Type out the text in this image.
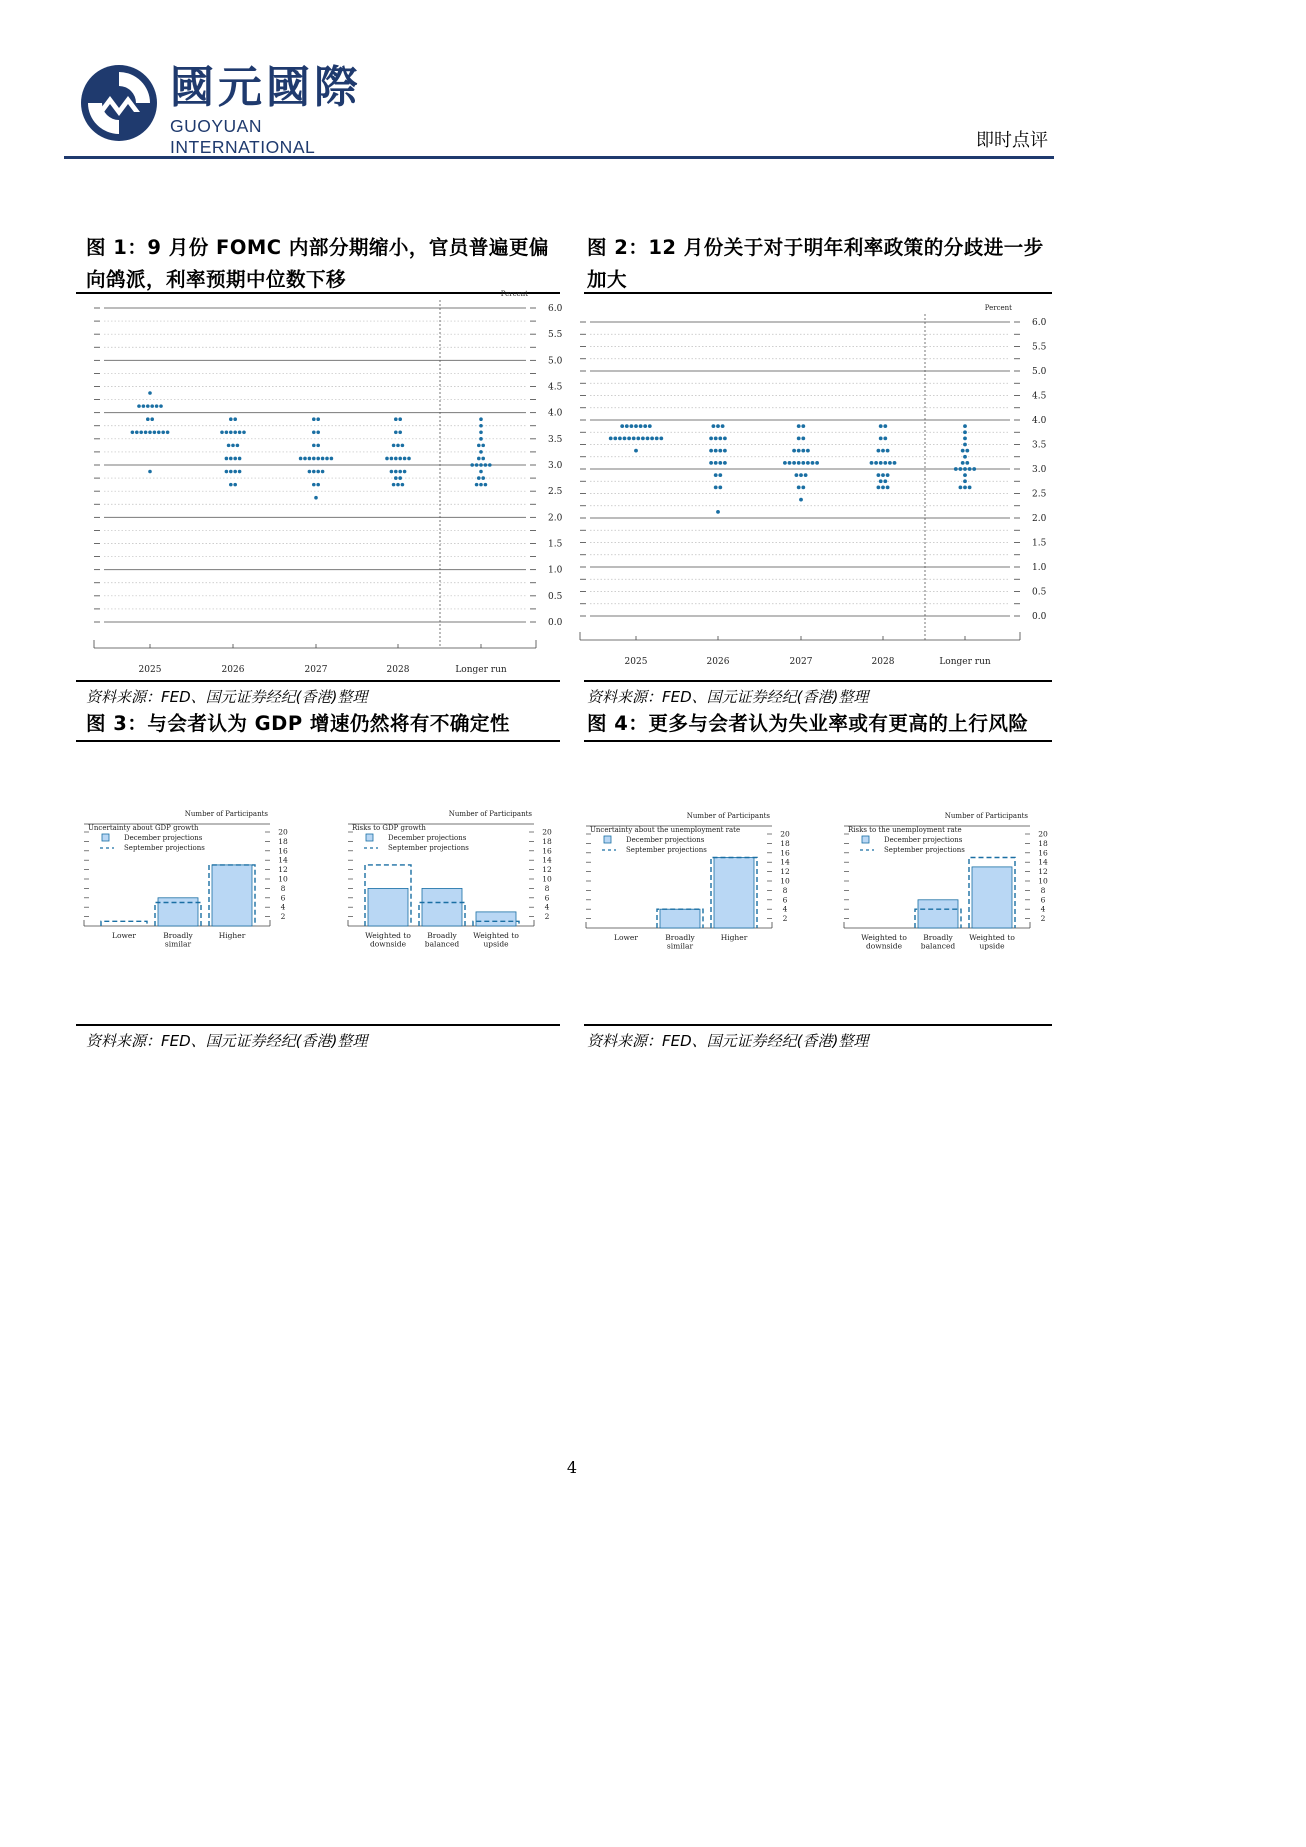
國元國際
GUOYUAN INTERNATIONAL	即时点评
图 1：9 月份 FOMC 内部分期缩小，官员普遍更偏向鸽派，利率预期中位数下移
图 2：12 月份关于对于明年利率政策的分歧进一步加大
0.0
0.5
1.0
1.5
2.0
2.5
3.0
3.5
4.0
4.5
5.0
5.5
6.0
Percent
2025	2026	2027	2028	Longer run
0.0
0.5
1.0
1.5
2.0
2.5
3.0
3.5
4.0
4.5
5.0
5.5
6.0
Percent
2025	2026	2027	2028	Longer run
资料来源：FED、国元证券经纪(香港)整理	资料来源：FED、国元证券经纪(香港)整理
图 3：与会者认为 GDP 增速仍然将有不确定性	图 4：更多与会者认为失业率或有更高的上行风险
Uncertainty about GDP growth
Number of Participants
2
4
6
8
10
12
14
16
18
20
December projections
September projections
Lower	Broadly
similar
Higher
Risks to GDP growth
Number of Participants
2
4
6
8
10
12
14
16
18
20
December projections
September projections
Weighted to
downside
Broadly
balanced
Weighted to
upside
Uncertainty about the unemployment rate
Number of Participants
2
4
6
8
10
12
14
16
18
20
December projections
September projections
Lower	Broadly
similar
Higher
Risks to the unemployment rate
Number of Participants
2
4
6
8
10
12
14
16
18
20
December projections
September projections
Weighted to
downside
Broadly
balanced
Weighted to
upside
资料来源：FED、国元证券经纪(香港)整理	资料来源：FED、国元证券经纪(香港)整理
4
